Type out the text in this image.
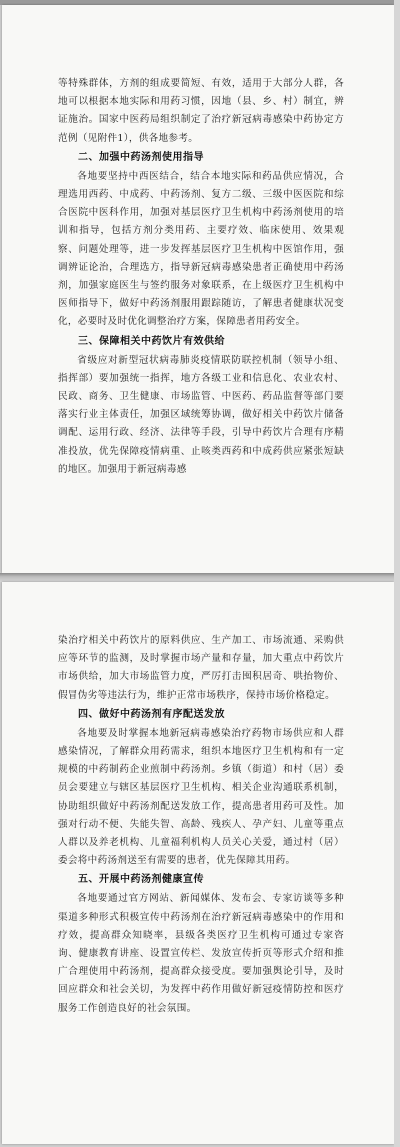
等特殊群体，方剂的组成要简短、有效，适用于大部分人群，各地可以根据本地实际和用药习惯，因地（县、乡、村）制宜，辨证施治。国家中医药局组织制定了治疗新冠病毒感染中药协定方范例（见附件1），供各地参考。

二、加强中药汤剂使用指导

各地要坚持中西医结合，结合本地实际和药品供应情况，合理选用西药、中成药、中药汤剂、复方二级、三级中医医院和综合医院中医科作用，加强对基层医疗卫生机构中药汤剂使用的培训和指导，包括方剂分类用药、主要疗效、临床使用、效果观察、问题处理等，进一步发挥基层医疗卫生机构中医馆作用，强调辨证论治，合理选方，指导新冠病毒感染患者正确使用中药汤剂，加强家庭医生与签约服务对象联系，在上级医疗卫生机构中医师指导下，做好中药汤剂服用跟踪随访，了解患者健康状况变化，必要时及时优化调整治疗方案，保障患者用药安全。

三、保障相关中药饮片有效供给

省级应对新型冠状病毒肺炎疫情联防联控机制（领导小组、指挥部）要加强统一指挥，地方各级工业和信息化、农业农村、民政、商务、卫生健康、市场监管、中医药、药品监督等部门要落实行业主体责任，加强区域统筹协调，做好相关中药饮片储备调配、运用行政、经济、法律等手段，引导中药饮片合理有序精准投放，优先保障疫情病重、止咳类西药和中成药供应紧张短缺的地区。加强用于新冠病毒感

染治疗相关中药饮片的原料供应、生产加工、市场流通、采购供应等环节的监测，及时掌握市场产量和存量，加大重点中药饮片市场供给，加大市场监管力度，严厉打击囤积居奇、哄抬物价、假冒伪劣等违法行为，维护正常市场秩序，保持市场价格稳定。

四、做好中药汤剂有序配送发放

各地要及时掌握本地新冠病毒感染治疗药物市场供应和人群感染情况，了解群众用药需求，组织本地医疗卫生机构和有一定规模的中药制药企业煎制中药汤剂。乡镇（街道）和村（居）委员会要建立与辖区基层医疗卫生机构、相关企业沟通联系机制，协助组织做好中药汤剂配送发放工作，提高患者用药可及性。加强对行动不便、失能失智、高龄、残疾人、孕产妇、儿童等重点人群以及养老机构、儿童福利机构人员关心关爱，通过村（居）委会将中药汤剂送至有需要的患者，优先保障其用药。

五、开展中药汤剂健康宣传

各地要通过官方网站、新闻媒体、发布会、专家访谈等多种渠道多种形式积极宣传中药汤剂在治疗新冠病毒感染中的作用和疗效，提高群众知晓率，县级各类医疗卫生机构可通过专家咨询、健康教育讲座、设置宣传栏、发放宣传折页等形式介绍和推广合理使用中药汤剂，提高群众接受度。要加强舆论引导，及时回应群众和社会关切，为发挥中药作用做好新冠疫情防控和医疗服务工作创造良好的社会氛围。
